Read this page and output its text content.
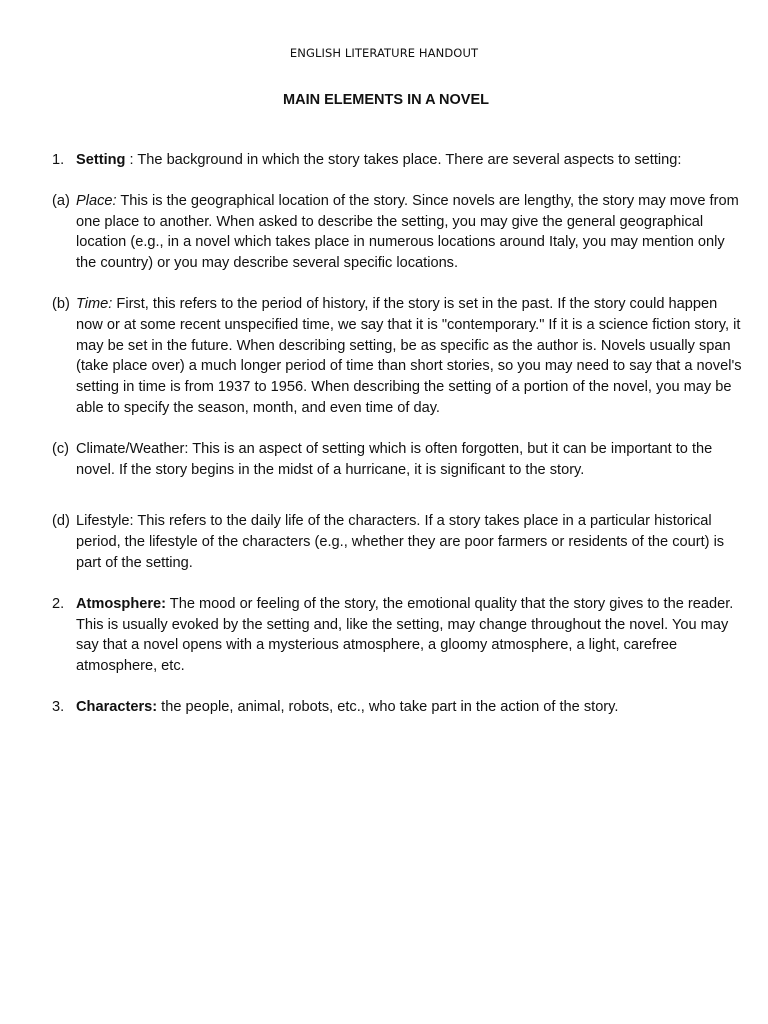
ENGLISH LITERATURE HANDOUT
MAIN ELEMENTS IN A NOVEL
1. Setting : The background in which the story takes place. There are several aspects to setting:
(a) Place: This is the geographical location of the story. Since novels are lengthy, the story may move from one place to another. When asked to describe the setting, you may give the general geographical location (e.g., in a novel which takes place in numerous locations around Italy, you may mention only the country) or you may describe several specific locations.
(b) Time: First, this refers to the period of history, if the story is set in the past. If the story could happen now or at some recent unspecified time, we say that it is "contemporary." If it is a science fiction story, it may be set in the future. When describing setting, be as specific as the author is. Novels usually span (take place over) a much longer period of time than short stories, so you may need to say that a novel's setting in time is from 1937 to 1956. When describing the setting of a portion of the novel, you may be able to specify the season, month, and even time of day.
(c) Climate/Weather: This is an aspect of setting which is often forgotten, but it can be important to the novel. If the story begins in the midst of a hurricane, it is significant to the story.
(d) Lifestyle: This refers to the daily life of the characters. If a story takes place in a particular historical period, the lifestyle of the characters (e.g., whether they are poor farmers or residents of the court) is part of the setting.
2. Atmosphere: The mood or feeling of the story, the emotional quality that the story gives to the reader. This is usually evoked by the setting and, like the setting, may change throughout the novel. You may say that a novel opens with a mysterious atmosphere, a gloomy atmosphere, a light, carefree atmosphere, etc.
3. Characters: the people, animal, robots, etc., who take part in the action of the story.
